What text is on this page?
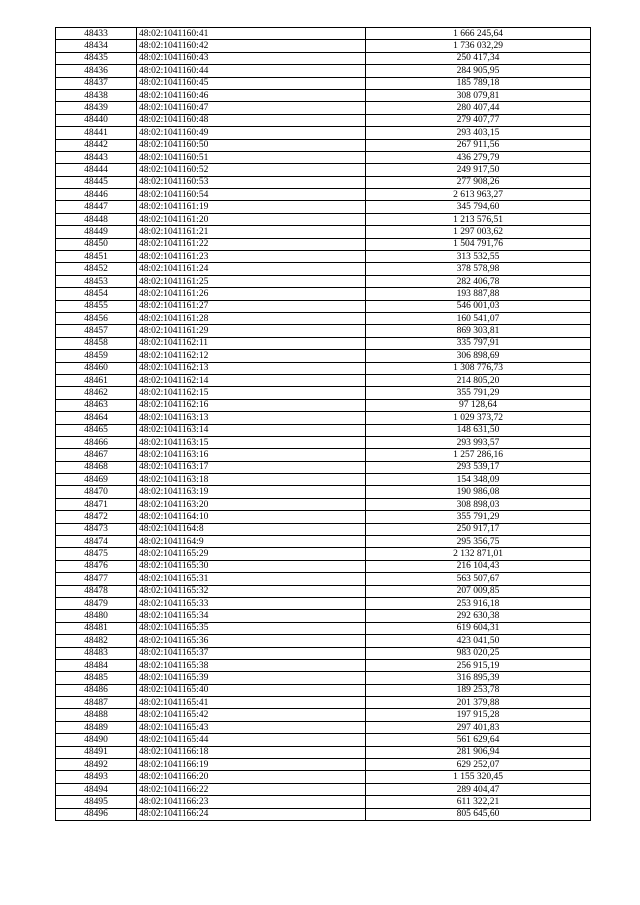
48433	48:02:1041160:41	1 666 245,64
48434	48:02:1041160:42	1 736 032,29
48435	48:02:1041160:43	250 417,34
48436	48:02:1041160:44	284 905,95
48437	48:02:1041160:45	185 789,18
48438	48:02:1041160:46	308 079,81
48439	48:02:1041160:47	280 407,44
48440	48:02:1041160:48	279 407,77
48441	48:02:1041160:49	293 403,15
48442	48:02:1041160:50	267 911,56
48443	48:02:1041160:51	436 279,79
48444	48:02:1041160:52	249 917,50
48445	48:02:1041160:53	277 908,26
48446	48:02:1041160:54	2 613 963,27
48447	48:02:1041161:19	345 794,60
48448	48:02:1041161:20	1 213 576,51
48449	48:02:1041161:21	1 297 003,62
48450	48:02:1041161:22	1 504 791,76
48451	48:02:1041161:23	313 532,55
48452	48:02:1041161:24	378 578,98
48453	48:02:1041161:25	282 406,78
48454	48:02:1041161:26	193 887,88
48455	48:02:1041161:27	546 001,03
48456	48:02:1041161:28	160 541,07
48457	48:02:1041161:29	869 303,81
48458	48:02:1041162:11	335 797,91
48459	48:02:1041162:12	306 898,69
48460	48:02:1041162:13	1 308 776,73
48461	48:02:1041162:14	214 805,20
48462	48:02:1041162:15	355 791,29
48463	48:02:1041162:16	97 128,64
48464	48:02:1041163:13	1 029 373,72
48465	48:02:1041163:14	148 631,50
48466	48:02:1041163:15	293 993,57
48467	48:02:1041163:16	1 257 286,16
48468	48:02:1041163:17	293 539,17
48469	48:02:1041163:18	154 348,09
48470	48:02:1041163:19	190 986,08
48471	48:02:1041163:20	308 898,03
48472	48:02:1041164:10	355 791,29
48473	48:02:1041164:8	250 917,17
48474	48:02:1041164:9	295 356,75
48475	48:02:1041165:29	2 132 871,01
48476	48:02:1041165:30	216 104,43
48477	48:02:1041165:31	563 507,67
48478	48:02:1041165:32	207 009,85
48479	48:02:1041165:33	253 916,18
48480	48:02:1041165:34	292 630,38
48481	48:02:1041165:35	619 604,31
48482	48:02:1041165:36	423 041,50
48483	48:02:1041165:37	983 020,25
48484	48:02:1041165:38	256 915,19
48485	48:02:1041165:39	316 895,39
48486	48:02:1041165:40	189 253,78
48487	48:02:1041165:41	201 379,88
48488	48:02:1041165:42	197 915,28
48489	48:02:1041165:43	297 401,83
48490	48:02:1041165:44	561 629,64
48491	48:02:1041166:18	281 906,94
48492	48:02:1041166:19	629 252,07
48493	48:02:1041166:20	1 155 320,45
48494	48:02:1041166:22	289 404,47
48495	48:02:1041166:23	611 322,21
48496	48:02:1041166:24	805 645,60
